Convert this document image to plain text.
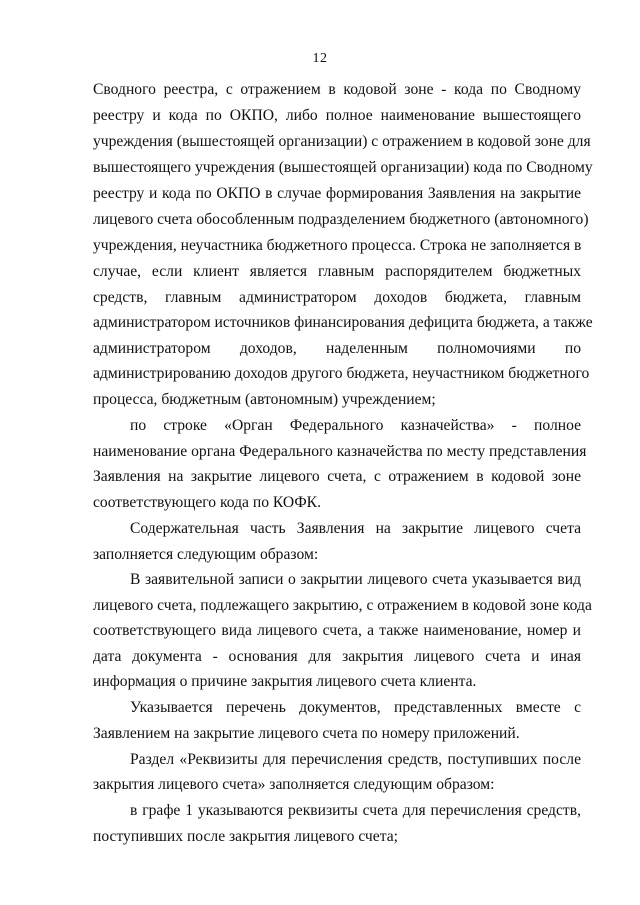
12
Сводного реестра, с отражением в кодовой зоне - кода по Сводному
реестру и кода по ОКПО, либо полное наименование вышестоящего
учреждения (вышестоящей организации) с отражением в кодовой зоне для
вышестоящего учреждения (вышестоящей организации) кода по Сводному
реестру и кода по ОКПО в случае формирования Заявления на закрытие
лицевого счета обособленным подразделением бюджетного (автономного)
учреждения, неучастника бюджетного процесса. Строка не заполняется в
случае, если клиент является главным распорядителем бюджетных
средств, главным администратором доходов бюджета, главным
администратором источников финансирования дефицита бюджета, а также
администратором доходов, наделенным полномочиями по
администрированию доходов другого бюджета, неучастником бюджетного
процесса, бюджетным (автономным) учреждением;
по строке «Орган Федерального казначейства» - полное
наименование органа Федерального казначейства по месту представления
Заявления на закрытие лицевого счета, с отражением в кодовой зоне
соответствующего кода по КОФК.
Содержательная часть Заявления на закрытие лицевого счета
заполняется следующим образом:
В заявительной записи о закрытии лицевого счета указывается вид
лицевого счета, подлежащего закрытию, с отражением в кодовой зоне кода
соответствующего вида лицевого счета, а также наименование, номер и
дата документа - основания для закрытия лицевого счета и иная
информация о причине закрытия лицевого счета клиента.
Указывается перечень документов, представленных вместе с
Заявлением на закрытие лицевого счета по номеру приложений.
Раздел «Реквизиты для перечисления средств, поступивших после
закрытия лицевого счета» заполняется следующим образом:
в графе 1 указываются реквизиты счета для перечисления средств,
поступивших после закрытия лицевого счета;
